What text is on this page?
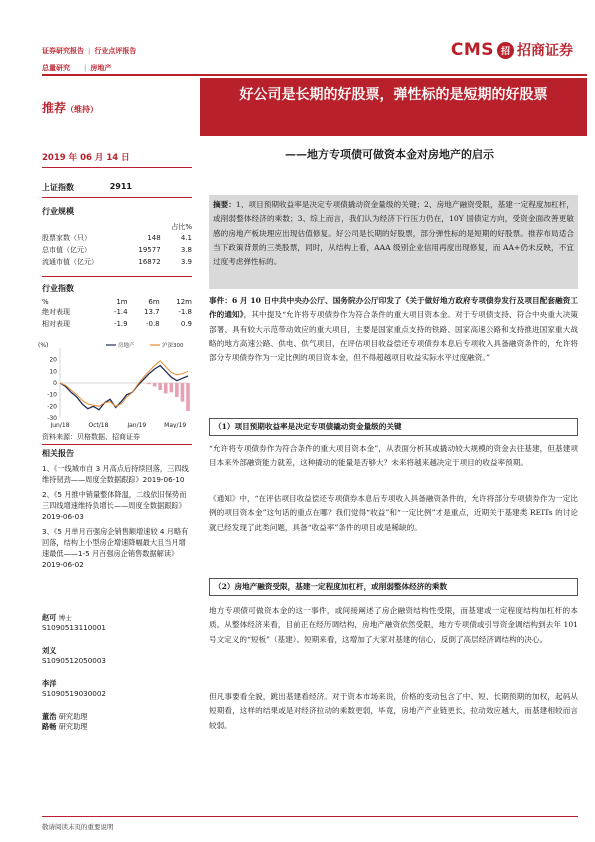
证券研究报告 | 行业点评报告
总量研究 | 房地产
CMS 招 招商证券
推荐（维持）
好公司是长期的好股票，弹性标的是短期的好股票
2019 年 06 月 14 日	——地方专项债可做资本金对房地产的启示
上证指数	2911
行业规模
		占比%
股票家数（只）	148	4.1
总市值（亿元）	19577	3.8
流通市值（亿元）	16872	3.9
行业指数
%	1m	6m	12m
绝对表现	-1.4	13.7	-1.8
相对表现	-1.9	-0.8	0.9
(%)
20
10
0
-10
-20
-30
房地产	沪深300
Jun/18	Oct/18	Jan/19	May/19
资料来源：贝格数据、招商证券
相关报告

1、《一线城市自 3 月高点后持续回落，三四线维持韧劲——周度全数据跟踪》2019-06-10

2、《5 月推中销量整体降温，二线依旧保势而三四线增速维持负增长——周度全数据跟踪》2019-06-03

3、《5 月单月百强房企销售额增速较 4 月略有回落，结构上小型房企增速降幅最大且当月增速最低——1-5 月百强房企销售数据解读》2019-06-02

赵可 博士
S1090513110001
刘义
S1090512050003
李洋
S1090519030002
董浩 研究助理
路畅 研究助理
摘要：1、项目预期收益率是决定专项债撬动资金量级的关键；2、房地产融资受限，基建一定程度加杠杆，或削弱整体经济的乘数；3、综上而言，我们认为经济下行压力仍在，10Y 国债定方向，受资金面改善更敏感的房地产板块理应出现估值修复。好公司是长期的好股票，部分弹性标的是短期的好股票。推荐布局适合当下政策背景的三类股票，同时，从结构上看，AAA 级别企业信用再度出现修复，而 AA+仍未反映，不宜过度考虑弹性标的。
事件：6 月 10 日中共中央办公厅、国务院办公厅印发了《关于做好地方政府专项债券发行及项目配套融资工作的通知》，其中提及“允许将专项债券作为符合条件的重大项目资本金。对于专项债支持、符合中央重大决策部署、具有较大示范带动效应的重大项目，主要是国家重点支持的铁路、国家高速公路和支持推进国家重大战略的地方高速公路、供电、供气项目，在评估项目收益偿还专项债券本息后专项收入具备融资条件的，允许将部分专项债券作为一定比例的项目资本金，但不得超越项目收益实际水平过度融资。”
（1）项目预期收益率是决定专项债撬动资金量级的关键
“允许将专项债券作为符合条件的重大项目资本金”，从表面分析其或撬动较大规模的资金去往基建，但基建项目本来外部融资能力就差，这种撬动的能量是否够大？未来将越来越决定于项目的收益率预期。
《通知》中，“在评估项目收益偿还专项债券本息后专项收入具备融资条件的，允许将部分专项债券作为一定比例的项目资本金”这句话的重点在哪？我们觉得“收益”和“一定比例”才是重点，近期关于基建类 REITs 的讨论就已经发现了此类问题，具备“收益率”条件的项目或是稀缺的。
（2）房地产融资受限，基建一定程度加杠杆，或削弱整体经济的乘数
地方专项债可做资本金的这一事件，或间接阐述了房企融资结构性受限，而基建或一定程度结构加杠杆的本质。从整体经济来看，目前正在经历调结构，房地产融资依然受限，地方专项债或引导资金调结构到去年 101 号文定义的“短板”（基建）。短期来看，这增加了大家对基建的信心，反倒了高层经济调结构的决心。
但凡事要看全貌，跳出基建看经济。对于资本市场来说，价格的变动包含了中、短、长期预期的加权，起码从短期看，这样的结果或是对经济拉动的乘数更弱，毕竟，房地产产业链更长，拉动效应越大，而基建相较而言较弱。
敬请阅读末页的重要说明
